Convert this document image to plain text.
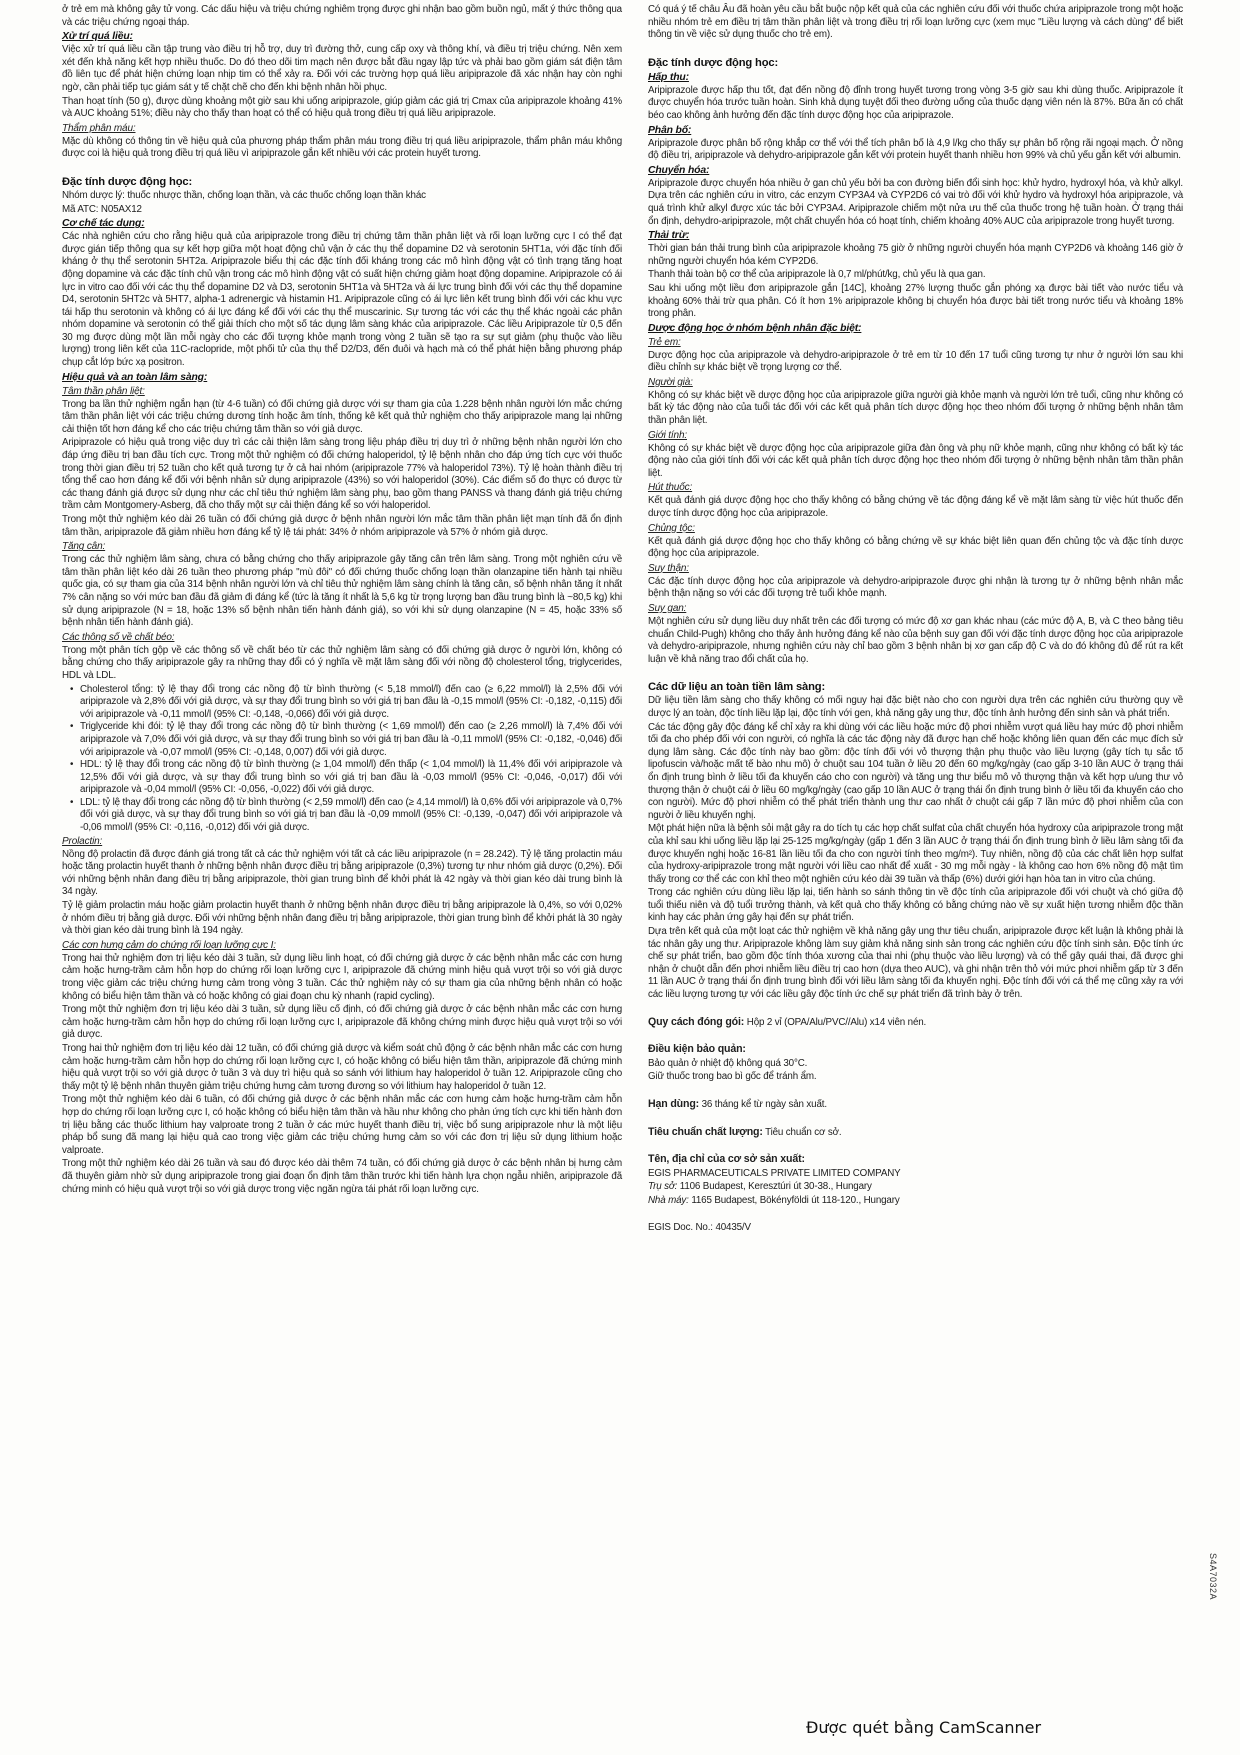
ở trẻ em mà không gây tử vong. Các dấu hiệu và triệu chứng nghiêm trọng được ghi nhận bao gồm buồn ngủ, mất ý thức thông qua và các triệu chứng ngoại tháp.

Xử trí quá liều:

Việc xử trí quá liều cần tập trung vào điều trị hỗ trợ, duy trì đường thở, cung cấp oxy và thông khí, và điều trị triệu chứng. Nên xem xét đến khả năng kết hợp nhiều thuốc. Do đó theo dõi tim mạch nên được bắt đầu ngay lập tức và phải bao gồm giám sát điện tâm đồ liên tục để phát hiện chứng loạn nhịp tim có thể xảy ra. Đối với các trường hợp quá liều aripiprazole đã xác nhận hay còn nghi ngờ, cần phải tiếp tục giám sát y tế chặt chẽ cho đến khi bệnh nhân hồi phục.

Than hoạt tính (50 g), được dùng khoảng một giờ sau khi uống aripiprazole, giúp giảm các giá trị Cmax của aripiprazole khoảng 41% và AUC khoảng 51%; điều này cho thấy than hoạt có thể có hiệu quả trong điều trị quá liều aripiprazole.

Thẩm phân máu:

Mặc dù không có thông tin về hiệu quả của phương pháp thẩm phân máu trong điều trị quá liều aripiprazole, thẩm phân máu không được coi là hiệu quả trong điều trị quá liều vì aripiprazole gắn kết nhiều với các protein huyết tương.

Đặc tính dược động học:

Nhóm dược lý: thuốc nhược thần, chống loạn thần, và các thuốc chống loạn thần khác

Mã ATC: N05AX12

Cơ chế tác dụng:

Các nhà nghiên cứu cho rằng hiệu quả của aripiprazole trong điều trị chứng tâm thần phân liệt và rối loạn lưỡng cực I có thể đạt được gián tiếp thông qua sự kết hợp giữa một hoạt động chủ vận ở các thụ thể dopamine D2 và serotonin 5HT1a, với đặc tính đối kháng ở thụ thể serotonin 5HT2a. Aripiprazole biểu thị các đặc tính đối kháng trong các mô hình động vật có tình trạng tăng hoạt động dopamine và các đặc tính chủ vận trong các mô hình động vật có suất hiện chứng giảm hoạt động dopamine. Aripiprazole có ái lực in vitro cao đối với các thụ thể dopamine D2 và D3, serotonin 5HT1a và 5HT2a và ái lực trung bình đối với các thụ thể dopamine D4, serotonin 5HT2c và 5HT7, alpha-1 adrenergic và histamin H1. Aripiprazole cũng có ái lực liên kết trung bình đối với các khu vực tái hấp thu serotonin và không có ái lực đáng kể đối với các thụ thể muscarinic. Sự tương tác với các thụ thể khác ngoài các phân nhóm dopamine và serotonin có thể giải thích cho một số tác dụng lâm sàng khác của aripiprazole. Các liều Aripiprazole từ 0,5 đến 30 mg được dùng một lần mỗi ngày cho các đối tượng khỏe mạnh trong vòng 2 tuần sẽ tạo ra sự sụt giảm (phụ thuộc vào liều lượng) trong liên kết của 11C-raclopride, một phối tử của thụ thể D2/D3, đến đuôi và hạch mà có thể phát hiện bằng phương pháp chụp cắt lớp bức xạ positron.

Hiệu quả và an toàn lâm sàng:

Tâm thần phân liệt:

Trong ba lần thử nghiệm ngắn hạn (từ 4-6 tuần) có đối chứng giả dược với sự tham gia của 1.228 bệnh nhân người lớn mắc chứng tâm thần phân liệt với các triệu chứng dương tính hoặc âm tính, thống kê kết quả thử nghiệm cho thấy aripiprazole mang lại những cải thiện tốt hơn đáng kể cho các triệu chứng tâm thần so với giả dược.

Aripiprazole có hiệu quả trong việc duy trì các cải thiện lâm sàng trong liệu pháp điều trị duy trì ở những bệnh nhân người lớn cho đáp ứng điều trị ban đầu tích cực. Trong một thử nghiệm có đối chứng haloperidol, tỷ lệ bệnh nhân cho đáp ứng tích cực với thuốc trong thời gian điều trị 52 tuần cho kết quả tương tự ở cả hai nhóm (aripiprazole 77% và haloperidol 73%). Tỷ lệ hoàn thành điều trị tổng thể cao hơn đáng kể đối với bệnh nhân sử dụng aripiprazole (43%) so với haloperidol (30%). Các điểm số đo thực có được từ các thang đánh giá được sử dụng như các chỉ tiêu thứ nghiệm lâm sàng phụ, bao gồm thang PANSS và thang đánh giá triệu chứng trầm cảm Montgomery-Asberg, đã cho thấy một sự cải thiện đáng kể so với haloperidol.

Trong một thử nghiệm kéo dài 26 tuần có đối chứng giả dược ở bệnh nhân người lớn mắc tâm thần phân liệt mạn tính đã ổn định tâm thần, aripiprazole đã giảm nhiều hơn đáng kể tỷ lệ tái phát: 34% ở nhóm aripiprazole và 57% ở nhóm giả dược.

Tăng cân:

Trong các thử nghiệm lâm sàng, chưa có bằng chứng cho thấy aripiprazole gây tăng cân trên lâm sàng. Trong một nghiên cứu về tâm thần phân liệt kéo dài 26 tuần theo phương pháp "mù đôi" có đối chứng thuốc chống loạn thần olanzapine tiến hành tại nhiều quốc gia, có sự tham gia của 314 bệnh nhân người lớn và chỉ tiêu thử nghiệm lâm sàng chính là tăng cân, số bệnh nhân tăng ít nhất 7% cân nặng so với mức ban đầu đã giảm đi đáng kể (tức là tăng ít nhất là 5,6 kg từ trọng lượng ban đầu trung bình là ~80,5 kg) khi sử dụng aripiprazole (N = 18, hoặc 13% số bệnh nhân tiến hành đánh giá), so với khi sử dụng olanzapine (N = 45, hoặc 33% số bệnh nhân tiến hành đánh giá).

Các thông số về chất béo:

Trong một phân tích gộp về các thông số về chất béo từ các thử nghiệm lâm sàng có đối chứng giả dược ở người lớn, không có bằng chứng cho thấy aripiprazole gây ra những thay đổi có ý nghĩa về mặt lâm sàng đối với nồng độ cholesterol tổng, triglycerides, HDL và LDL.

• Cholesterol tổng: tỷ lệ thay đổi trong các nồng độ từ bình thường (< 5,18 mmol/l) đến cao (≥ 6,22 mmol/l) là 2,5% đối với aripiprazole và 2,8% đối với giả dược, và sự thay đổi trung bình so với giá trị ban đầu là -0,15 mmol/l (95% CI: -0,182, -0,115) đối với aripiprazole và -0,11 mmol/l (95% CI: -0,148, -0,066) đối với giả dược.
• Triglyceride khi đói: tỷ lệ thay đổi trong các nồng độ từ bình thường (< 1,69 mmol/l) đến cao (≥ 2,26 mmol/l) là 7,4% đối với aripiprazole và 7,0% đối với giả dược, và sự thay đổi trung bình so với giá trị ban đầu là -0,11 mmol/l (95% CI: -0,182, -0,046) đối với aripiprazole và -0,07 mmol/l (95% CI: -0,148, 0,007) đối với giả dược.
• HDL: tỷ lệ thay đổi trong các nồng độ từ bình thường (≥ 1,04 mmol/l) đến thấp (< 1,04 mmol/l) là 11,4% đối với aripiprazole và 12,5% đối với giả dược, và sự thay đổi trung bình so với giá trị ban đầu là -0,03 mmol/l (95% CI: -0,046, -0,017) đối với aripiprazole và -0,04 mmol/l (95% CI: -0,056, -0,022) đối với giả dược.
• LDL: tỷ lệ thay đổi trong các nồng độ từ bình thường (< 2,59 mmol/l) đến cao (≥ 4,14 mmol/l) là 0,6% đối với aripiprazole và 0,7% đối với giả dược, và sự thay đổi trung bình so với giá trị ban đầu là -0,09 mmol/l (95% CI: -0,139, -0,047) đối với aripiprazole và -0,06 mmol/l (95% CI: -0,116, -0,012) đối với giả dược.

Prolactin:

Nồng độ prolactin đã được đánh giá trong tất cả các thử nghiệm với tất cả các liều aripiprazole (n = 28.242). Tỷ lệ tăng prolactin máu hoặc tăng prolactin huyết thanh ở những bệnh nhân được điều trị bằng aripiprazole (0,3%) tương tự như nhóm giả dược (0,2%). Đối với những bệnh nhân đang điều trị bằng aripiprazole, thời gian trung bình để khởi phát là 42 ngày và thời gian kéo dài trung bình là 34 ngày.

Tỷ lệ giảm prolactin máu hoặc giảm prolactin huyết thanh ở những bệnh nhân được điều trị bằng aripiprazole là 0,4%, so với 0,02% ở nhóm điều trị bằng giả dược. Đối với những bệnh nhân đang điều trị bằng aripiprazole, thời gian trung bình để khởi phát là 30 ngày và thời gian kéo dài trung bình là 194 ngày.

Các cơn hưng cảm do chứng rối loạn lưỡng cực I:

Trong hai thử nghiệm đơn trị liệu kéo dài 3 tuần, sử dụng liều linh hoạt, có đối chứng giả dược ở các bệnh nhân mắc các cơn hưng cảm hoặc hưng-trầm cảm hỗn hợp do chứng rối loạn lưỡng cực I, aripiprazole đã chứng minh hiệu quả vượt trội so với giả dược trong việc giảm các triệu chứng hưng cảm trong vòng 3 tuần. Các thử nghiệm này có sự tham gia của những bệnh nhân có hoặc không có biểu hiện tâm thần và có hoặc không có giai đoạn chu kỳ nhanh (rapid cycling).

Trong một thử nghiệm đơn trị liệu kéo dài 3 tuần, sử dụng liều cố định, có đối chứng giả dược ở các bệnh nhân mắc các cơn hưng cảm hoặc hưng-trầm cảm hỗn hợp do chứng rối loạn lưỡng cực I, aripiprazole đã không chứng minh được hiệu quả vượt trội so với giả dược.

Trong hai thử nghiệm đơn trị liệu kéo dài 12 tuần, có đối chứng giả dược và kiểm soát chủ động ở các bệnh nhân mắc các cơn hưng cảm hoặc hưng-trầm cảm hỗn hợp do chứng rối loạn lưỡng cực I, có hoặc không có biểu hiện tâm thần, aripiprazole đã chứng minh hiệu quả vượt trội so với giả dược ở tuần 3 và duy trì hiệu quả so sánh với lithium hay haloperidol ở tuần 12. Aripiprazole cũng cho thấy một tỷ lệ bệnh nhân thuyên giảm triệu chứng hưng cảm tương đương so với lithium hay haloperidol ở tuần 12.

Trong một thử nghiệm kéo dài 6 tuần, có đối chứng giả dược ở các bệnh nhân mắc các cơn hưng cảm hoặc hưng-trầm cảm hỗn hợp do chứng rối loạn lưỡng cực I, có hoặc không có biểu hiện tâm thần và hầu như không cho phản ứng tích cực khi tiến hành đơn trị liệu bằng các thuốc lithium hay valproate trong 2 tuần ở các mức huyết thanh điều trị, việc bổ sung aripiprazole như là một liệu pháp bổ sung đã mang lại hiệu quả cao trong việc giảm các triệu chứng hưng cảm so với các đơn trị liệu sử dụng lithium hoặc valproate.

Trong một thử nghiệm kéo dài 26 tuần và sau đó được kéo dài thêm 74 tuần, có đối chứng giả dược ở các bệnh nhân bị hưng cảm đã thuyên giảm nhờ sử dụng aripiprazole trong giai đoạn ổn định tâm thần trước khi tiến hành lựa chọn ngẫu nhiên, aripiprazole đã chứng minh có hiệu quả vượt trội so với giả dược trong việc ngăn ngừa tái phát rối loạn lưỡng cực.

Có quá ý tế châu Âu đã hoàn yêu cầu bắt buộc nộp kết quả của các nghiên cứu đối với thuốc chứa aripiprazole trong một hoặc nhiều nhóm trẻ em điều trị tâm thần phân liệt và trong điều trị rối loạn lưỡng cực (xem mục "Liều lượng và cách dùng" để biết thông tin về việc sử dụng thuốc cho trẻ em).

Đặc tính dược động học:

Hấp thu:

Aripiprazole được hấp thu tốt, đạt đến nồng độ đỉnh trong huyết tương trong vòng 3-5 giờ sau khi dùng thuốc. Aripiprazole ít được chuyển hóa trước tuần hoàn. Sinh khả dụng tuyệt đối theo đường uống của thuốc dạng viên nén là 87%. Bữa ăn có chất béo cao không ảnh hưởng đến đặc tính dược động học của aripiprazole.

Phân bố:

Aripiprazole được phân bố rộng khắp cơ thể với thể tích phân bố là 4,9 l/kg cho thấy sự phân bố rộng rãi ngoại mạch. Ở nồng độ điều trị, aripiprazole và dehydro-aripiprazole gắn kết với protein huyết thanh nhiều hơn 99% và chủ yếu gắn kết với albumin.

Chuyển hóa:

Aripiprazole được chuyển hóa nhiều ở gan chủ yếu bởi ba con đường biến đổi sinh học: khử hydro, hydroxyl hóa, và khử alkyl. Dựa trên các nghiên cứu in vitro, các enzym CYP3A4 và CYP2D6 có vai trò đối với khử hydro và hydroxyl hóa aripiprazole, và quá trình khử alkyl được xúc tác bởi CYP3A4. Aripiprazole chiếm một nửa ưu thế của thuốc trong hệ tuần hoàn. Ở trạng thái ổn định, dehydro-aripiprazole, một chất chuyển hóa có hoạt tính, chiếm khoảng 40% AUC của aripiprazole trong huyết tương.

Thải trừ:

Thời gian bán thải trung bình của aripiprazole khoảng 75 giờ ở những người chuyển hóa mạnh CYP2D6 và khoảng 146 giờ ở những người chuyển hóa kém CYP2D6.

Thanh thải toàn bộ cơ thể của aripiprazole là 0,7 ml/phút/kg, chủ yếu là qua gan.

Sau khi uống một liều đơn aripiprazole gắn [14C], khoảng 27% lượng thuốc gắn phóng xạ được bài tiết vào nước tiểu và khoảng 60% thải trừ qua phân. Có ít hơn 1% aripiprazole không bị chuyển hóa được bài tiết trong nước tiểu và khoảng 18% trong phân.

Dược động học ở nhóm bệnh nhân đặc biệt:

Trẻ em:

Dược động học của aripiprazole và dehydro-aripiprazole ở trẻ em từ 10 đến 17 tuổi cũng tương tự như ở người lớn sau khi điều chỉnh sự khác biệt về trọng lượng cơ thể.

Người già:

Không có sự khác biệt về dược động học của aripiprazole giữa người già khỏe mạnh và người lớn trẻ tuổi, cũng như không có bất kỳ tác động nào của tuổi tác đối với các kết quả phân tích dược động học theo nhóm đối tượng ở những bệnh nhân tâm thần phân liệt.

Giới tính:

Không có sự khác biệt về dược động học của aripiprazole giữa đàn ông và phụ nữ khỏe mạnh, cũng như không có bất kỳ tác động nào của giới tính đối với các kết quả phân tích dược động học theo nhóm đối tượng ở những bệnh nhân tâm thần phân liệt.

Hút thuốc:

Kết quả đánh giá dược động học cho thấy không có bằng chứng về tác động đáng kể về mặt lâm sàng từ việc hút thuốc đến dược tính dược động học của aripiprazole.

Chủng tộc:

Kết quả đánh giá dược động học cho thấy không có bằng chứng về sự khác biệt liên quan đến chủng tộc và đặc tính dược động học của aripiprazole.

Suy thận:

Các đặc tính dược động học của aripiprazole và dehydro-aripiprazole được ghi nhận là tương tự ở những bệnh nhân mắc bệnh thận nặng so với các đối tượng trẻ tuổi khỏe mạnh.

Suy gan:

Một nghiên cứu sử dụng liều duy nhất trên các đối tượng có mức độ xơ gan khác nhau (các mức độ A, B, và C theo bảng tiêu chuẩn Child-Pugh) không cho thấy ảnh hưởng đáng kể nào của bệnh suy gan đối với đặc tính dược động học của aripiprazole và dehydro-aripiprazole, nhưng nghiên cứu này chỉ bao gồm 3 bệnh nhân bị xơ gan cấp độ C và do đó không đủ để rút ra kết luận về khả năng trao đổi chất của họ.

Các dữ liệu an toàn tiền lâm sàng:

Dữ liệu tiền lâm sàng cho thấy không có mối nguy hại đặc biệt nào cho con người dựa trên các nghiên cứu thường quy về dược lý an toàn, độc tính liều lặp lại, độc tính với gen, khả năng gây ung thư, độc tính ảnh hưởng đến sinh sản và phát triển.

Các tác động gây độc đáng kể chỉ xảy ra khi dùng với các liều hoặc mức độ phơi nhiễm vượt quá liều hay mức độ phơi nhiễm tối đa cho phép đối với con người, có nghĩa là các tác động này đã được hạn chế hoặc không liên quan đến các mục đích sử dụng lâm sàng. Các độc tính này bao gồm: độc tính đối với vỏ thượng thận phụ thuộc vào liều lượng (gây tích tụ sắc tố lipofuscin và/hoặc mất tế bào nhu mô) ở chuột sau 104 tuần ở liều 20 đến 60 mg/kg/ngày (cao gấp 3-10 lần AUC ở trạng thái ổn định trung bình ở liều tối đa khuyến cáo cho con người) và tăng ung thư biểu mô vỏ thượng thận và kết hợp u/ung thư vỏ thượng thận ở chuột cái ở liều 60 mg/kg/ngày (cao gấp 10 lần AUC ở trạng thái ổn định trung bình ở liều tối đa khuyến cáo cho con người). Mức độ phơi nhiễm có thể phát triển thành ung thư cao nhất ở chuột cái gấp 7 lần mức độ phơi nhiễm của con người ở liều khuyến nghị.

Một phát hiện nữa là bệnh sỏi mật gây ra do tích tụ các hợp chất sulfat của chất chuyển hóa hydroxy của aripiprazole trong mật của khỉ sau khi uống liều lặp lại 25-125 mg/kg/ngày (gấp 1 đến 3 lần AUC ở trạng thái ổn định trung bình ở liều lâm sàng tối đa được khuyến nghị hoặc 16-81 lần liều tối đa cho con người tính theo mg/m²). Tuy nhiên, nồng độ của các chất liên hợp sulfat của hydroxy-aripiprazole trong mật người với liều cao nhất để xuất - 30 mg mỗi ngày - là không cao hơn 6% nồng độ mật tìm thấy trong cơ thể các con khỉ theo một nghiên cứu kéo dài 39 tuần và thấp (6%) dưới giới hạn hòa tan in vitro của chúng.

Trong các nghiên cứu dùng liều lặp lại, tiến hành so sánh thông tin về độc tính của aripiprazole đối với chuột và chó giữa độ tuổi thiếu niên và độ tuổi trưởng thành, và kết quả cho thấy không có bằng chứng nào về sự xuất hiện tương nhiễm độc thần kinh hay các phản ứng gây hại đến sự phát triển.

Dựa trên kết quả của một loạt các thử nghiệm về khả năng gây ung thư tiêu chuẩn, aripiprazole được kết luận là không phải là tác nhân gây ung thư. Aripiprazole không làm suy giảm khả năng sinh sản trong các nghiên cứu độc tính sinh sản. Độc tính ức chế sự phát triển, bao gồm độc tính thóa xương của thai nhi (phụ thuộc vào liều lượng) và có thể gây quái thai, đã được ghi nhận ở chuột dẫn đến phơi nhiễm liều điều trị cao hơn (dựa theo AUC), và ghi nhận trên thỏ với mức phơi nhiễm gấp từ 3 đến 11 lần AUC ở trạng thái ổn định trung bình đối với liều lâm sàng tối đa khuyến nghị. Độc tính đối với cá thể mẹ cũng xảy ra với các liều lượng tương tự với các liều gây độc tính ức chế sự phát triển đã trình bày ở trên.

Quy cách đóng gói: Hộp 2 vỉ (OPA/Alu/PVC//Alu) x14 viên nén.

Điều kiện bảo quản:

Bảo quản ở nhiệt độ không quá 30°C.

Giữ thuốc trong bao bì gốc để tránh ẩm.

Hạn dùng: 36 tháng kể từ ngày sản xuất.

Tiêu chuẩn chất lượng: Tiêu chuẩn cơ sở.

Tên, địa chỉ của cơ sở sản xuất:

EGIS PHARMACEUTICALS PRIVATE LIMITED COMPANY

Trụ sở: 1106 Budapest, Keresztúri út 30-38., Hungary

Nhà máy: 1165 Budapest, Bökényföldi út 118-120., Hungary

EGIS Doc. No.: 40435/V

S4A7032A
Được quét bằng CamScanner
